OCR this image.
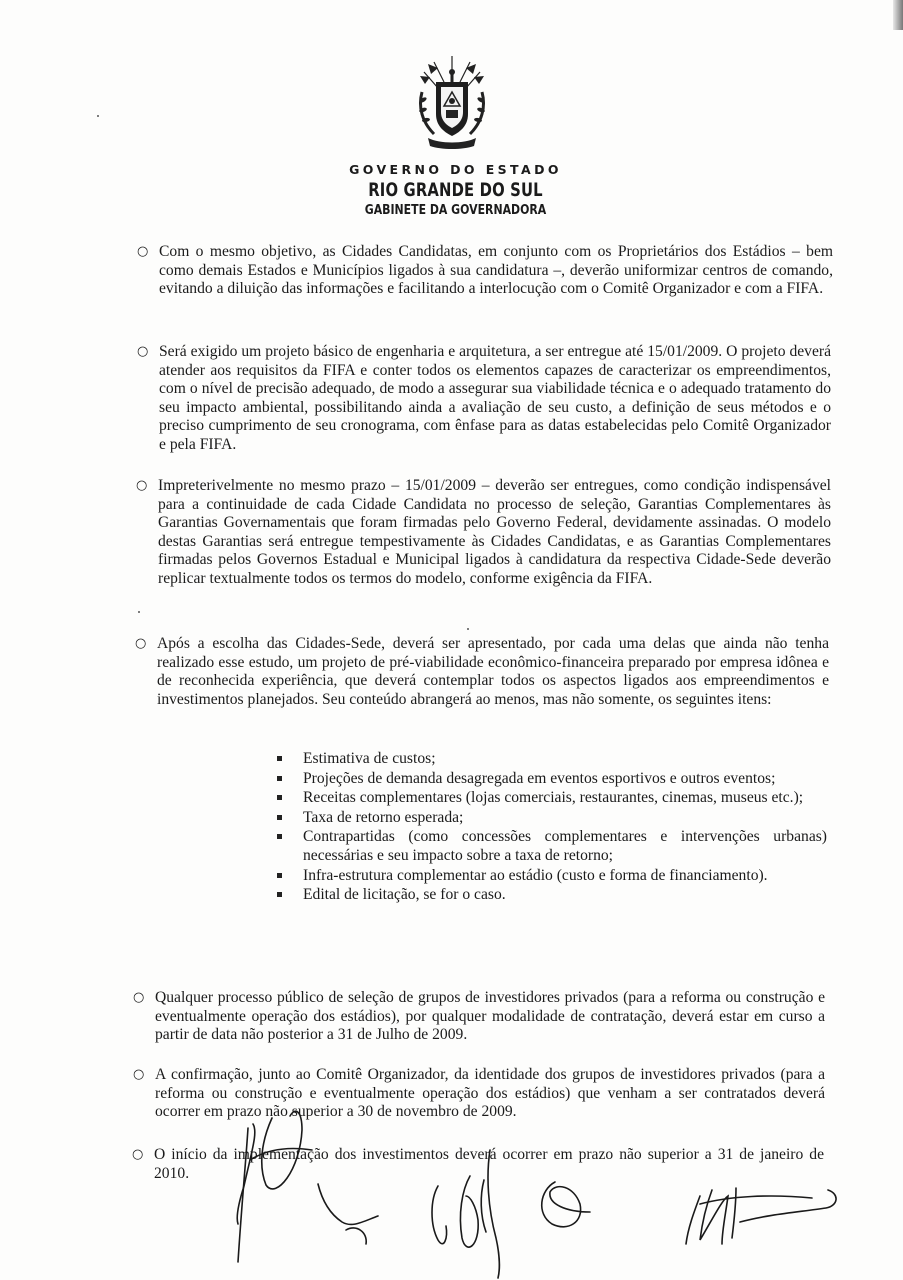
GOVERNO DO ESTADO
RIO GRANDE DO SUL
GABINETE DA GOVERNADORA
○ Com o mesmo objetivo, as Cidades Candidatas, em conjunto com os Proprietários dos Estádios – bem como demais Estados e Municípios ligados à sua candidatura –, deverão uniformizar centros de comando, evitando a diluição das informações e facilitando a interlocução com o Comitê Organizador e com a FIFA.
○ Será exigido um projeto básico de engenharia e arquitetura, a ser entregue até 15/01/2009. O projeto deverá atender aos requisitos da FIFA e conter todos os elementos capazes de caracterizar os empreendimentos, com o nível de precisão adequado, de modo a assegurar sua viabilidade técnica e o adequado tratamento do seu impacto ambiental, possibilitando ainda a avaliação de seu custo, a definição de seus métodos e o preciso cumprimento de seu cronograma, com ênfase para as datas estabelecidas pelo Comitê Organizador e pela FIFA.
○ Impreterivelmente no mesmo prazo – 15/01/2009 – deverão ser entregues, como condição indispensável para a continuidade de cada Cidade Candidata no processo de seleção, Garantias Complementares às Garantias Governamentais que foram firmadas pelo Governo Federal, devidamente assinadas. O modelo destas Garantias será entregue tempestivamente às Cidades Candidatas, e as Garantias Complementares firmadas pelos Governos Estadual e Municipal ligados à candidatura da respectiva Cidade-Sede deverão replicar textualmente todos os termos do modelo, conforme exigência da FIFA.
○ Após a escolha das Cidades-Sede, deverá ser apresentado, por cada uma delas que ainda não tenha realizado esse estudo, um projeto de pré-viabilidade econômico-financeira preparado por empresa idônea e de reconhecida experiência, que deverá contemplar todos os aspectos ligados aos empreendimentos e investimentos planejados. Seu conteúdo abrangerá ao menos, mas não somente, os seguintes itens:
Estimativa de custos;
Projeções de demanda desagregada em eventos esportivos e outros eventos;
Receitas complementares (lojas comerciais, restaurantes, cinemas, museus etc.);
Taxa de retorno esperada;
Contrapartidas (como concessões complementares e intervenções urbanas) necessárias e seu impacto sobre a taxa de retorno;
Infra-estrutura complementar ao estádio (custo e forma de financiamento).
Edital de licitação, se for o caso.
○ Qualquer processo público de seleção de grupos de investidores privados (para a reforma ou construção e eventualmente operação dos estádios), por qualquer modalidade de contratação, deverá estar em curso a partir de data não posterior a 31 de Julho de 2009.
○ A confirmação, junto ao Comitê Organizador, da identidade dos grupos de investidores privados (para a reforma ou construção e eventualmente operação dos estádios) que venham a ser contratados deverá ocorrer em prazo não superior a 30 de novembro de 2009.
○ O início da implementação dos investimentos deverá ocorrer em prazo não superior a 31 de janeiro de 2010.
